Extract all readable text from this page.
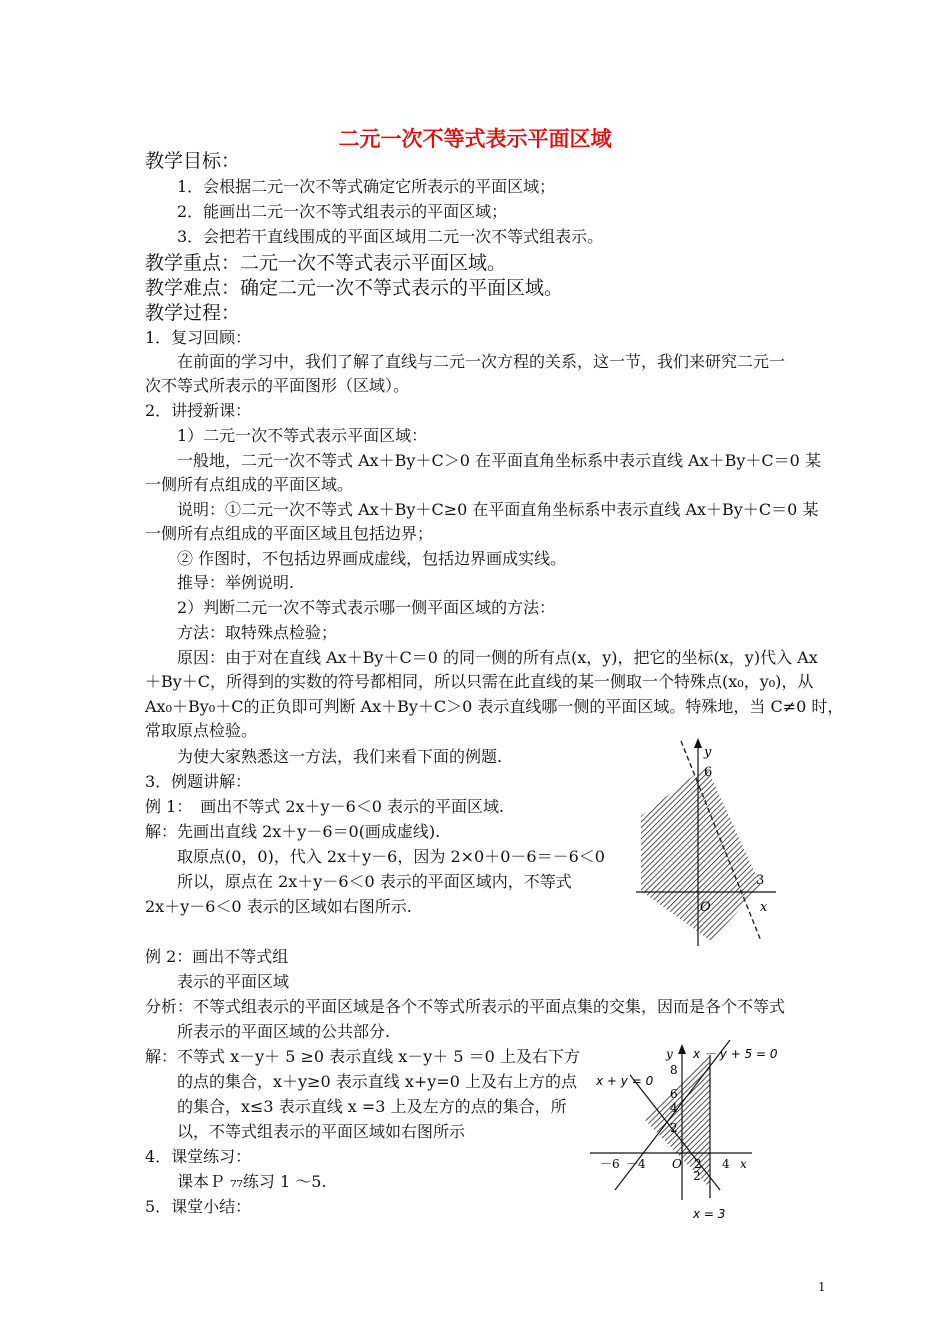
二元一次不等式表示平面区域
教学目标：
1．会根据二元一次不等式确定它所表示的平面区域；
2．能画出二元一次不等式组表示的平面区域；
3．会把若干直线围成的平面区域用二元一次不等式组表示。
教学重点：二元一次不等式表示平面区域。
教学难点：确定二元一次不等式表示的平面区域。
教学过程：
1．复习回顾：
在前面的学习中，我们了解了直线与二元一次方程的关系，这一节，我们来研究二元一
次不等式所表示的平面图形（区域）。
2．讲授新课：
1）二元一次不等式表示平面区域：
一般地，二元一次不等式 Ax＋By＋C＞0 在平面直角坐标系中表示直线 Ax＋By＋C＝0 某
一侧所有点组成的平面区域。
说明：①二元一次不等式 Ax＋By＋C≥0 在平面直角坐标系中表示直线 Ax＋By＋C＝0 某
一侧所有点组成的平面区域且包括边界；
② 作图时，不包括边界画成虚线，包括边界画成实线。
推导：举例说明.
2）判断二元一次不等式表示哪一侧平面区域的方法：
方法：取特殊点检验；
原因：由于对在直线 Ax＋By＋C＝0 的同一侧的所有点(x，y)，把它的坐标(x，y)代入 Ax
＋By＋C，所得到的实数的符号都相同，所以只需在此直线的某一侧取一个特殊点(x₀，y₀)，从
Ax₀＋By₀＋C的正负即可判断 Ax＋By＋C＞0 表示直线哪一侧的平面区域。特殊地，当 C≠0 时，
常取原点检验。
为使大家熟悉这一方法，我们来看下面的例题.
3．例题讲解：
例 1：　画出不等式 2x＋y－6＜0 表示的平面区域.
解：先画出直线 2x＋y－6＝0(画成虚线).
取原点(0，0)，代入 2x＋y－6，因为 2×0＋0－6＝－6＜0
所以，原点在 2x＋y－6＜0 表示的平面区域内，不等式
2x＋y－6＜0 表示的区域如右图所示.
例 2：画出不等式组
表示的平面区域
分析：不等式组表示的平面区域是各个不等式所表示的平面点集的交集，因而是各个不等式
所表示的平面区域的公共部分.
解：不等式 x－y＋ 5 ≥0 表示直线 x－y＋ 5 ＝0 上及右下方
的点的集合，x＋y≥0 表示直线 x+y=0 上及右上方的点
的集合，x≤3 表示直线 x =3 上及左方的点的集合，所
以，不等式组表示的平面区域如右图所示
4．课堂练习：
课本Ｐ ₇₇练习 1 ～5.
5．课堂小结：
y
6
3
x
O
y x － y + 5 = 0
x + y = 0
8
6
4
2
2
－6 －4 O 2 4 x
x = 3
1
